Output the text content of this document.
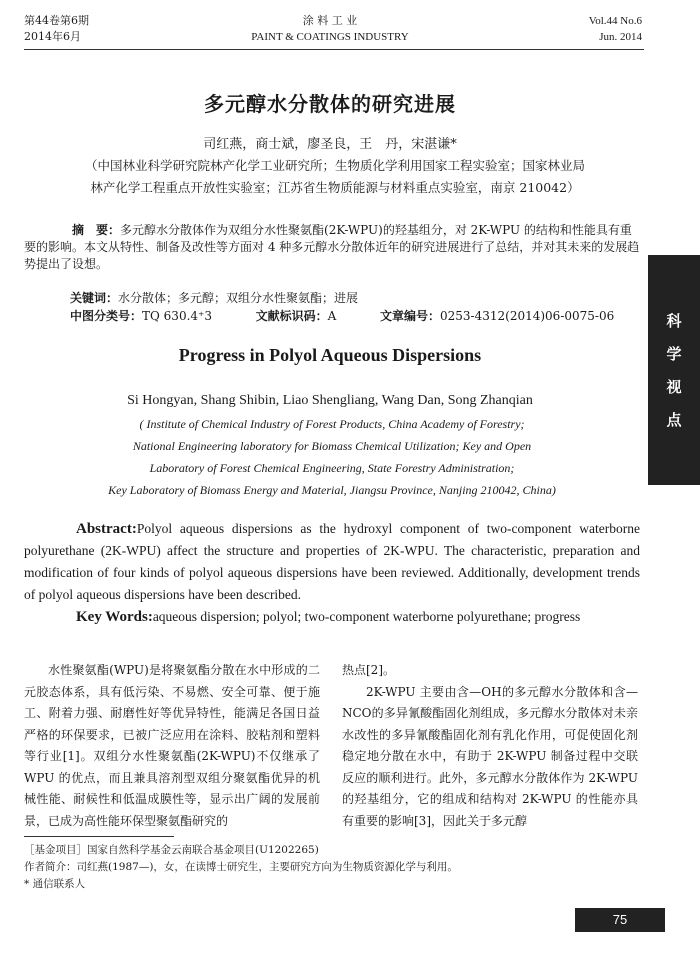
第44卷第6期
2014年6月
涂 料 工 业
PAINT & COATINGS INDUSTRY
Vol.44 No.6
Jun. 2014
多元醇水分散体的研究进展
司红燕，商士斌，廖圣良，王　丹，宋湛谦*
（中国林业科学研究院林产化学工业研究所；生物质化学利用国家工程实验室；国家林业局
林产化学工程重点开放性实验室；江苏省生物质能源与材料重点实验室，南京 210042）
摘　要：多元醇水分散体作为双组分水性聚氨酯(2K-WPU)的羟基组分，对 2K-WPU 的结构和性能具有重要的影响。本文从特性、制备及改性等方面对 4 种多元醇水分散体近年的研究进展进行了总结，并对其未来的发展趋势提出了设想。
关键词：水分散体；多元醇；双组分水性聚氨酯；进展
中图分类号：TQ 630.4⁺3	文献标识码：A	文章编号：0253-4312(2014)06-0075-06
Progress in Polyol Aqueous Dispersions
Si Hongyan, Shang Shibin, Liao Shengliang, Wang Dan, Song Zhanqian
( Institute of Chemical Industry of Forest Products, China Academy of Forestry;
National Engineering laboratory for Biomass Chemical Utilization; Key and Open
Laboratory of Forest Chemical Engineering, State Forestry Administration;
Key Laboratory of Biomass Energy and Material, Jiangsu Province, Nanjing 210042, China)
Abstract:Polyol aqueous dispersions as the hydroxyl component of two-component waterborne polyurethane (2K-WPU) affect the structure and properties of 2K-WPU. The characteristic, preparation and modification of four kinds of polyol aqueous dispersions have been reviewed. Additionally, development trends of polyol aqueous dispersions have been described.
Key Words:aqueous dispersion; polyol; two-component waterborne polyurethane; progress
水性聚氨酯(WPU)是将聚氨酯分散在水中形成的二元胶态体系，具有低污染、不易燃、安全可靠、便于施工、附着力强、耐磨性好等优异特性，能满足各国日益严格的环保要求，已被广泛应用在涂料、胶粘剂和塑料等行业[1]。双组分水性聚氨酯(2K-WPU)不仅继承了 WPU 的优点，而且兼具溶剂型双组分聚氨酯优异的机械性能、耐候性和低温成膜性等，显示出广阔的发展前景，已成为高性能环保型聚氨酯研究的
热点[2]。
2K-WPU 主要由含—OH的多元醇水分散体和含—NCO的多异氰酸酯固化剂组成，多元醇水分散体对未亲水改性的多异氰酸酯固化剂有乳化作用，可促使固化剂稳定地分散在水中，有助于 2K-WPU 制备过程中交联反应的顺利进行。此外，多元醇水分散体作为 2K-WPU 的羟基组分，它的组成和结构对 2K-WPU 的性能亦具有重要的影响[3]，因此关于多元醇
［基金项目］国家自然科学基金云南联合基金项目(U1202265)
作者简介：司红燕(1987—)，女，在读博士研究生，主要研究方向为生物质资源化学与利用。
* 通信联系人
科
学
视
点
75
